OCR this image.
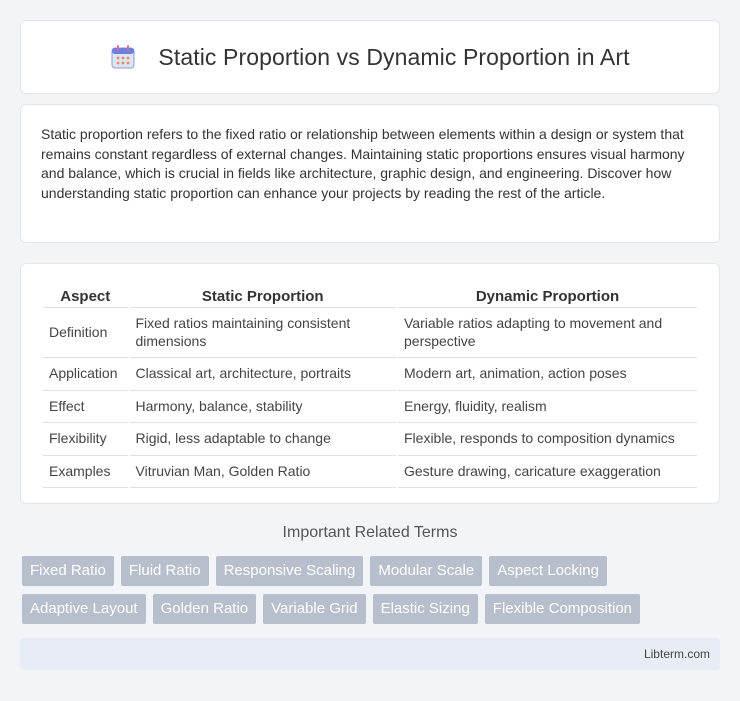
Static Proportion vs Dynamic Proportion in Art

Static proportion refers to the fixed ratio or relationship between elements within a design or system that remains constant regardless of external changes. Maintaining static proportions ensures visual harmony and balance, which is crucial in fields like architecture, graphic design, and engineering. Discover how understanding static proportion can enhance your projects by reading the rest of the article.

Aspect	Static Proportion	Dynamic Proportion
Definition	Fixed ratios maintaining consistent dimensions	Variable ratios adapting to movement and perspective
Application	Classical art, architecture, portraits	Modern art, animation, action poses
Effect	Harmony, balance, stability	Energy, fluidity, realism
Flexibility	Rigid, less adaptable to change	Flexible, responds to composition dynamics
Examples	Vitruvian Man, Golden Ratio	Gesture drawing, caricature exaggeration
Important Related Terms
Fixed Ratio	Fluid Ratio	Responsive Scaling	Modular Scale	Aspect Locking
Adaptive Layout	Golden Ratio	Variable Grid	Elastic Sizing	Flexible Composition
Libterm.com
